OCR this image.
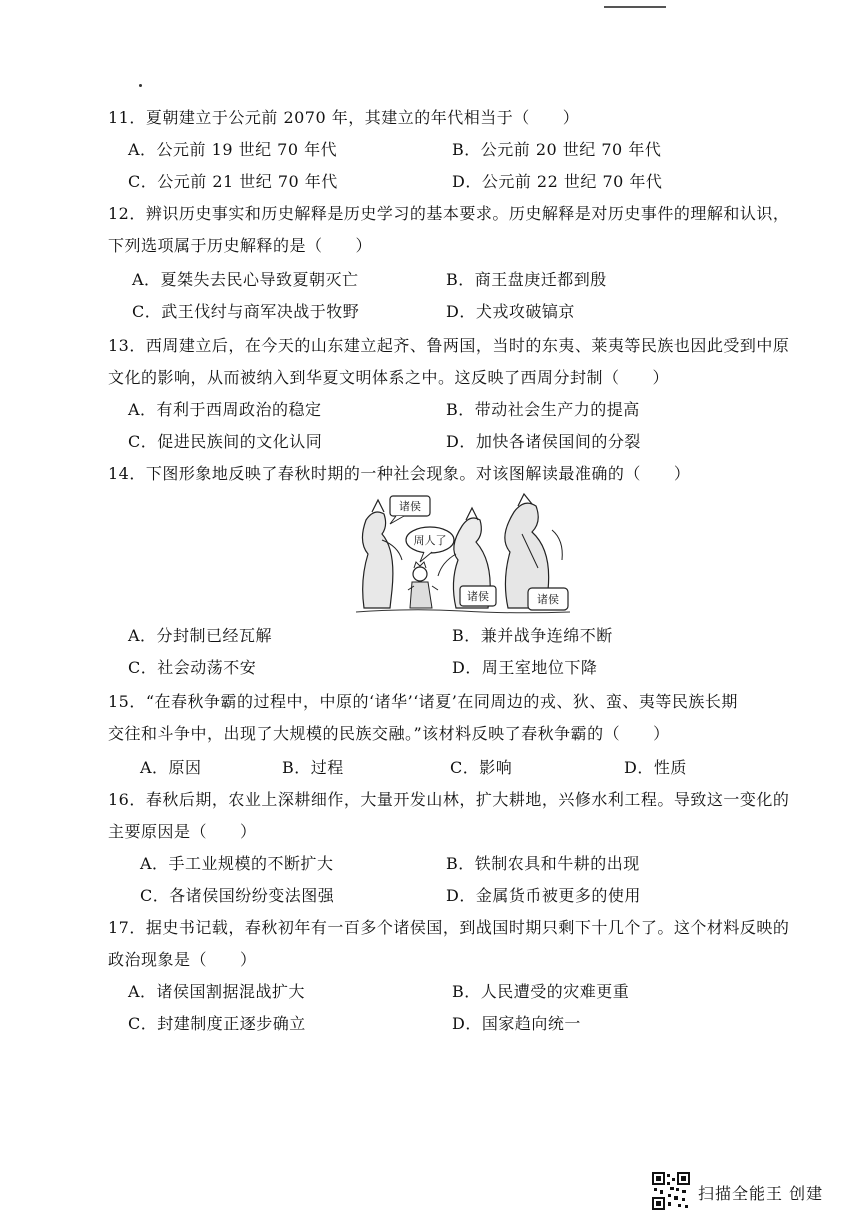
11．夏朝建立于公元前 2070 年，其建立的年代相当于（　　）
A．公元前 19 世纪 70 年代	B．公元前 20 世纪 70 年代
C．公元前 21 世纪 70 年代	D．公元前 22 世纪 70 年代
12．辨识历史事实和历史解释是历史学习的基本要求。历史解释是对历史事件的理解和认识，
下列选项属于历史解释的是（　　）
A．夏桀失去民心导致夏朝灭亡	B．商王盘庚迁都到殷
C．武王伐纣与商军决战于牧野	D．犬戎攻破镐京
13．西周建立后，在今天的山东建立起齐、鲁两国，当时的东夷、莱夷等民族也因此受到中原
文化的影响，从而被纳入到华夏文明体系之中。这反映了西周分封制（　　）
A．有利于西周政治的稳定	B．带动社会生产力的提高
C．促进民族间的文化认同	D．加快各诸侯国间的分裂
14．下图形象地反映了春秋时期的一种社会现象。对该图解读最准确的（　　）
诸侯
周人了
诸侯	诸侯
A．分封制已经瓦解	B．兼并战争连绵不断
C．社会动荡不安	D．周王室地位下降
15．“在春秋争霸的过程中，中原的‘诸华’‘诸夏’在同周边的戎、狄、蛮、夷等民族长期
交往和斗争中，出现了大规模的民族交融。”该材料反映了春秋争霸的（　　）
A．原因	B．过程	C．影响	D．性质
16．春秋后期，农业上深耕细作，大量开发山林，扩大耕地，兴修水利工程。导致这一变化的
主要原因是（　　）
A．手工业规模的不断扩大	B．铁制农具和牛耕的出现
C．各诸侯国纷纷变法图强	D．金属货币被更多的使用
17．据史书记载，春秋初年有一百多个诸侯国，到战国时期只剩下十几个了。这个材料反映的
政治现象是（　　）
A．诸侯国割据混战扩大	B．人民遭受的灾难更重
C．封建制度正逐步确立	D．国家趋向统一
扫描全能王 创建
